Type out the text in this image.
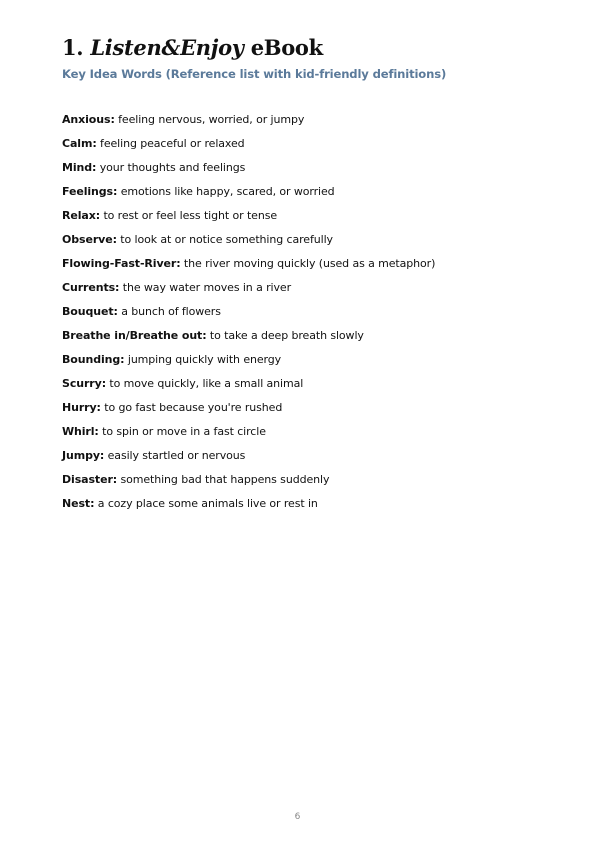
1. Listen&Enjoy eBook
Key Idea Words (Reference list with kid-friendly definitions)
Anxious: feeling nervous, worried, or jumpy
Calm: feeling peaceful or relaxed
Mind: your thoughts and feelings
Feelings: emotions like happy, scared, or worried
Relax: to rest or feel less tight or tense
Observe: to look at or notice something carefully
Flowing-Fast-River: the river moving quickly (used as a metaphor)
Currents: the way water moves in a river
Bouquet: a bunch of flowers
Breathe in/Breathe out: to take a deep breath slowly
Bounding: jumping quickly with energy
Scurry: to move quickly, like a small animal
Hurry: to go fast because you're rushed
Whirl: to spin or move in a fast circle
Jumpy: easily startled or nervous
Disaster: something bad that happens suddenly
Nest: a cozy place some animals live or rest in
6
